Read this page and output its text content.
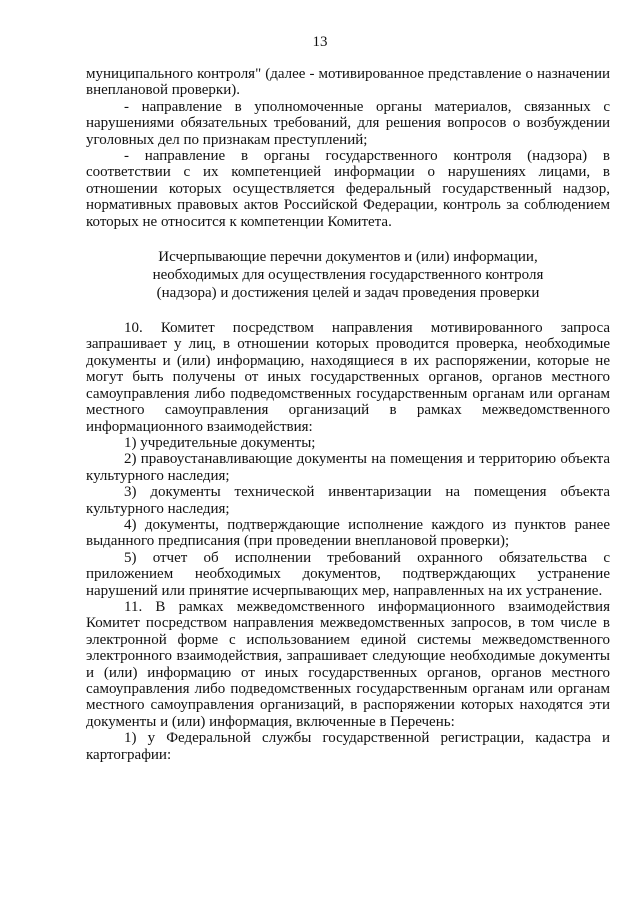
13

муниципального контроля" (далее - мотивированное представление о назначении внеплановой проверки).

- направление в уполномоченные органы материалов, связанных с нарушениями обязательных требований, для решения вопросов о возбуждении уголовных дел по признакам преступлений;

- направление в органы государственного контроля (надзора) в соответствии с их компетенцией информации о нарушениях лицами, в отношении которых осуществляется федеральный государственный надзор, нормативных правовых актов Российской Федерации, контроль за соблюдением которых не относится к компетенции Комитета.

Исчерпывающие перечни документов и (или) информации,
необходимых для осуществления государственного контроля
(надзора) и достижения целей и задач проведения проверки

10. Комитет посредством направления мотивированного запроса запрашивает у лиц, в отношении которых проводится проверка, необходимые документы и (или) информацию, находящиеся в их распоряжении, которые не могут быть получены от иных государственных органов, органов местного самоуправления либо подведомственных государственным органам или органам местного самоуправления организаций в рамках межведомственного информационного взаимодействия:

1) учредительные документы;

2) правоустанавливающие документы на помещения и территорию объекта культурного наследия;

3) документы технической инвентаризации на помещения объекта культурного наследия;

4) документы, подтверждающие исполнение каждого из пунктов ранее выданного предписания (при проведении внеплановой проверки);

5) отчет об исполнении требований охранного обязательства с приложением необходимых документов, подтверждающих устранение нарушений или принятие исчерпывающих мер, направленных на их устранение.

11. В рамках межведомственного информационного взаимодействия Комитет посредством направления межведомственных запросов, в том числе в электронной форме с использованием единой системы межведомственного электронного взаимодействия, запрашивает следующие необходимые документы и (или) информацию от иных государственных органов, органов местного самоуправления либо подведомственных государственным органам или органам местного самоуправления организаций, в распоряжении которых находятся эти документы и (или) информация, включенные в Перечень:

1) у Федеральной службы государственной регистрации, кадастра и картографии:
